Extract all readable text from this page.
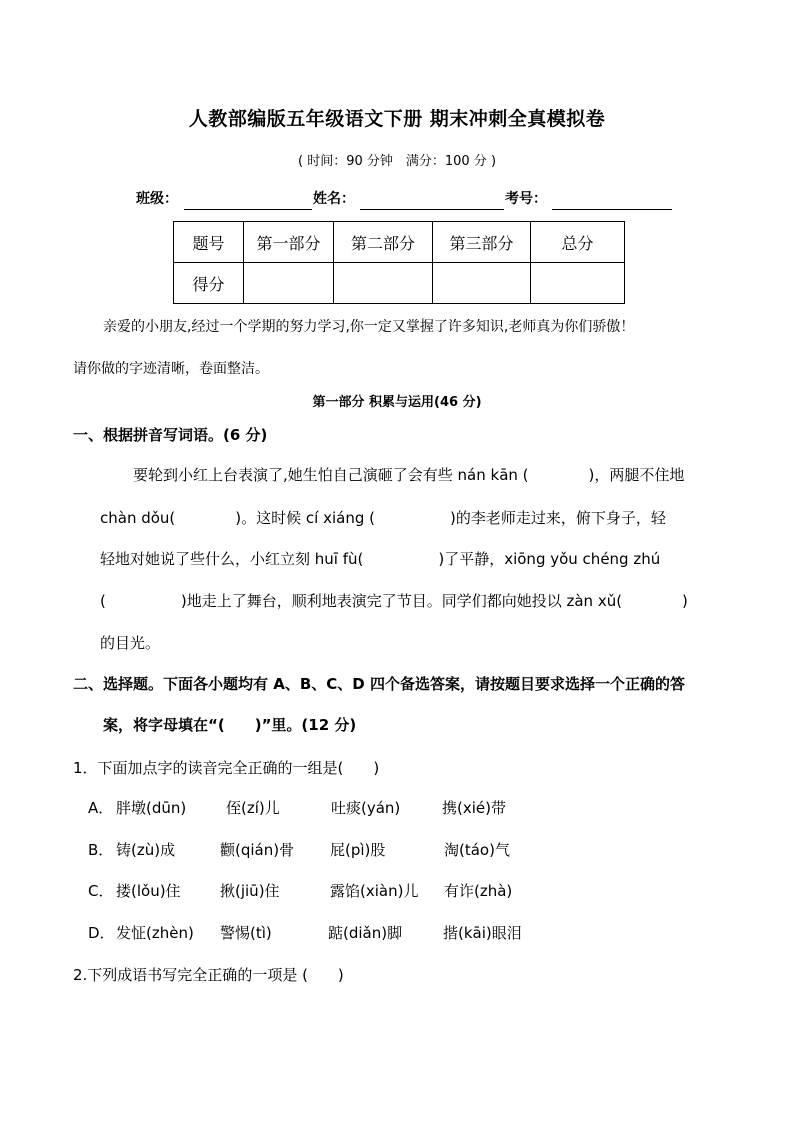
人教部编版五年级语文下册 期末冲刺全真模拟卷
( 时间：90 分钟　满分：100 分 )
班级：	姓名：	考号：
题号	第一部分	第二部分	第三部分	总分
得分				
亲爱的小朋友,经过一个学期的努力学习,你一定又掌握了许多知识,老师真为你们骄傲！
请你做的字迹清晰，卷面整洁。
第一部分 积累与运用(46 分)
一、根据拼音写词语。(6 分)
要轮到小红上台表演了,她生怕自己演砸了会有些 nán kān (　　　　)，两腿不住地
chàn dǒu(　　　　)。这时候 cí xiáng (　　　　　)的李老师走过来，俯下身子，轻
轻地对她说了些什么，小红立刻 huī fù(　　　　　)了平静，xiōng yǒu chéng zhú
(　　　　　)地走上了舞台，顺利地表演完了节目。同学们都向她投以 zàn xǔ(　　　　)
的目光。
二、选择题。下面各小题均有 A、B、C、D 四个备选答案，请按题目要求选择一个正确的答
案，将字母填在“(　　)”里。(12 分)
1．下面加点字的读音完全正确的一组是(　　)
A． 胖墩(dūn)	侄(zí)儿	吐痰(yán)	携(xié)带
B． 铸(zù)成	颧(qián)骨 屁(pì)股	淘(táo)气
C． 搂(lǒu)住	揪(jiū)住	露馅(xiàn)儿 有诈(zhà)
D． 发怔(zhèn) 警惕(tì)	踮(diǎn)脚	揩(kāi)眼泪
2.下列成语书写完全正确的一项是 (　　)
